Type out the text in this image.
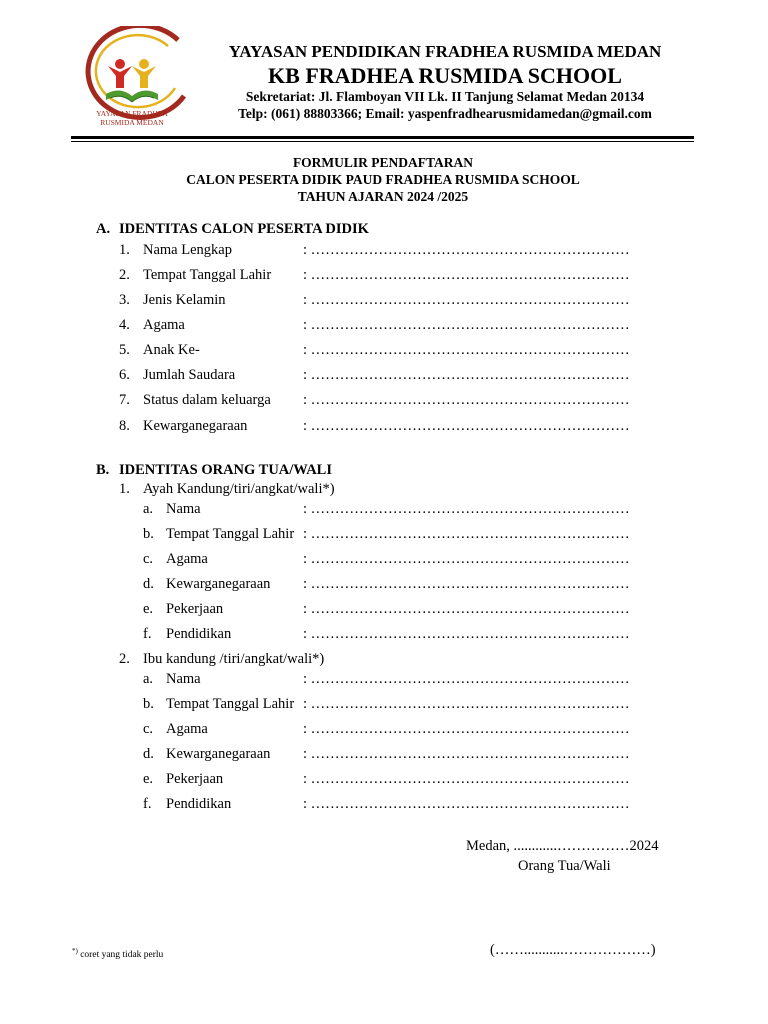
YAYASAN FRADHEA
RUSMIDA MEDAN
YAYASAN PENDIDIKAN FRADHEA RUSMIDA MEDAN
KB FRADHEA RUSMIDA SCHOOL
Sekretariat: Jl. Flamboyan VII Lk. II Tanjung Selamat Medan 20134
Telp: (061) 88803366; Email: yaspenfradhearusmidamedan@gmail.com
FORMULIR PENDAFTARAN
CALON PESERTA DIDIK PAUD FRADHEA RUSMIDA SCHOOL
TAHUN AJARAN 2024 /2025
A. IDENTITAS CALON PESERTA DIDIK
1. Nama Lengkap	: …………………………………………………………
2. Tempat Tanggal Lahir : …………………………………………………………
3. Jenis Kelamin	: …………………………………………………………
4. Agama	: …………………………………………………………
5. Anak Ke-	: …………………………………………………………
6. Jumlah Saudara	: …………………………………………………………
7. Status dalam keluarga : …………………………………………………………
8. Kewarganegaraan	: …………………………………………………………
B. IDENTITAS ORANG TUA/WALI
1. Ayah Kandung/tiri/angkat/wali*)
a. Nama	: …………………………………………………………
b. Tempat Tanggal Lahir : …………………………………………………………
c. Agama	: …………………………………………………………
d. Kewarganegaraan : …………………………………………………………
e. Pekerjaan	: …………………………………………………………
f. Pendidikan	: …………………………………………………………
2. Ibu kandung /tiri/angkat/wali*)
a. Nama	: …………………………………………………………
b. Tempat Tanggal Lahir : …………………………………………………………
c. Agama	: …………………………………………………………
d. Kewarganegaraan : …………………………………………………………
e. Pekerjaan	: …………………………………………………………
f. Pendidikan	: …………………………………………………………
Medan, ............……………2024
Orang Tua/Wali
(……...........………………)
*) coret yang tidak perlu
